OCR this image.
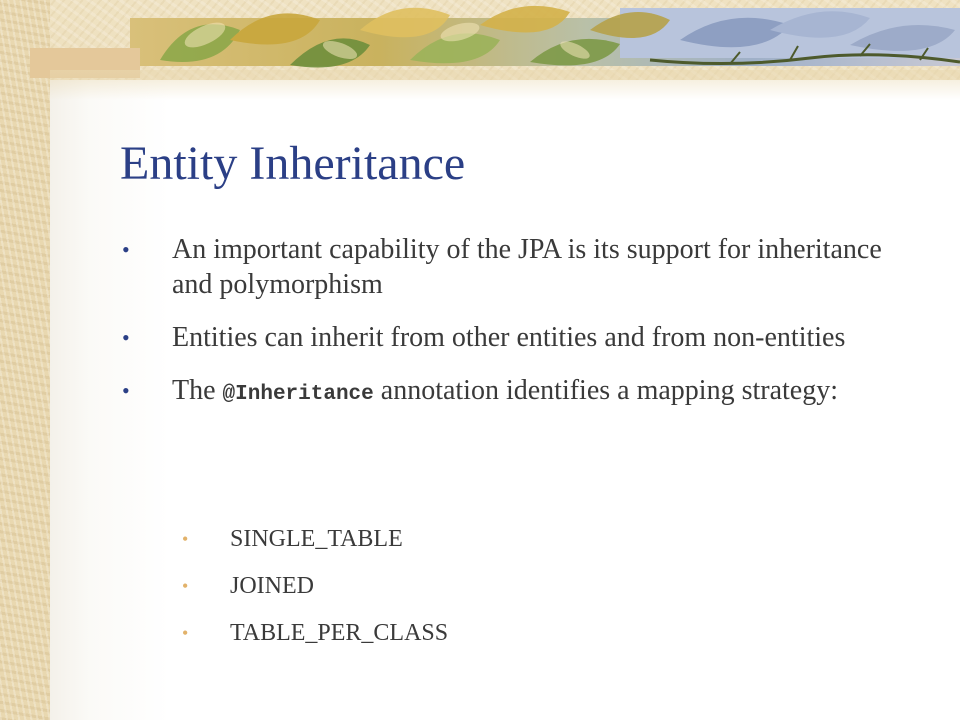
Entity Inheritance
• An important capability of the JPA is its support for inheritance and polymorphism
• Entities can inherit from other entities and from non-entities
• The @Inheritance annotation identifies a mapping strategy:
• SINGLE_TABLE
• JOINED
• TABLE_PER_CLASS
